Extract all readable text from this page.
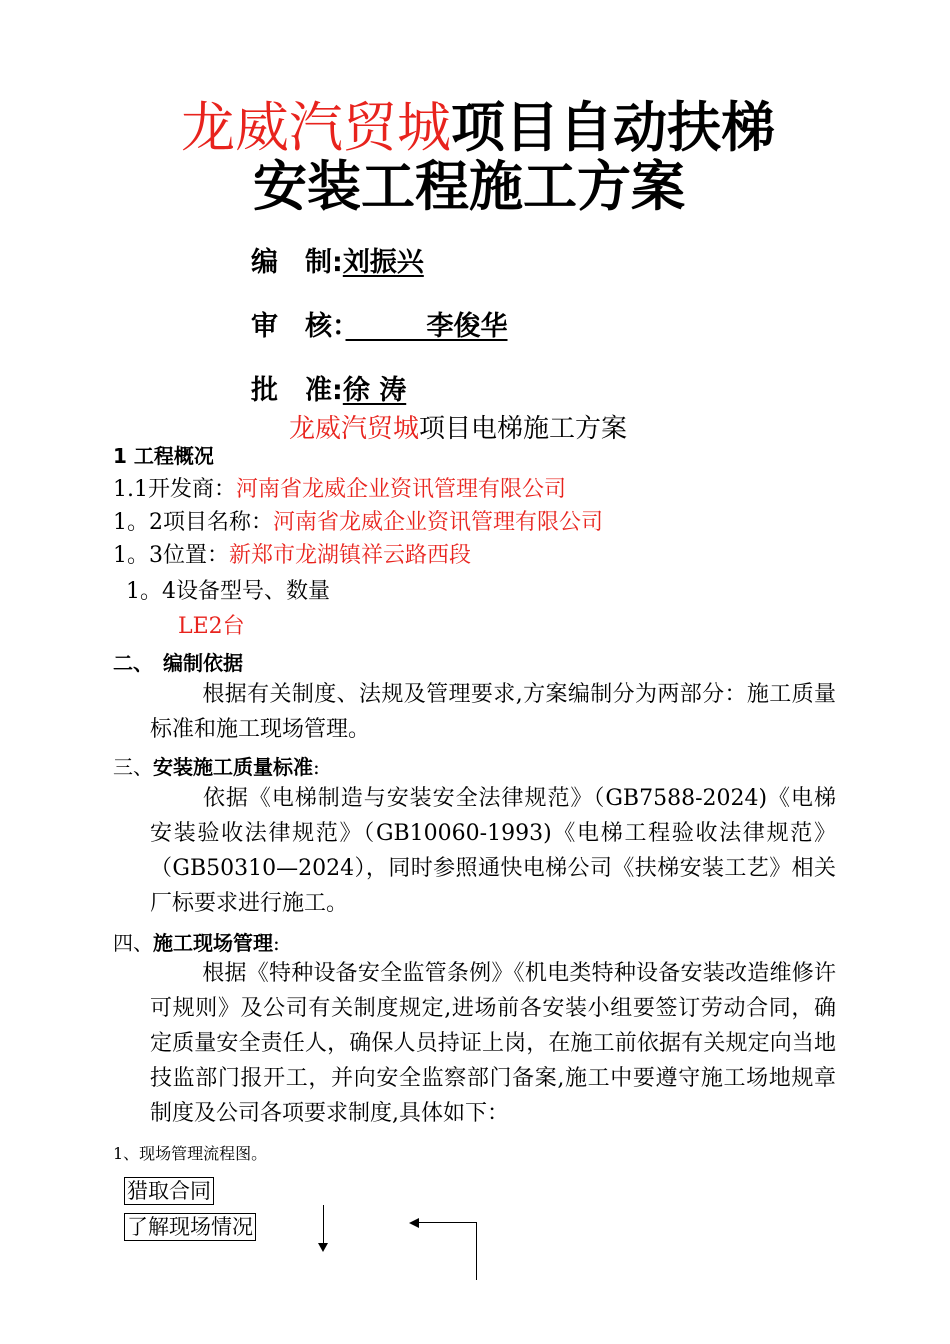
龙威汽贸城项目自动扶梯
安装工程施工方案
编　制:刘振兴
审　核：　　　李俊华
批　准:徐 涛
龙威汽贸城项目电梯施工方案
1 工程概况
1.1开发商：河南省龙威企业资讯管理有限公司
1。2项目名称：河南省龙威企业资讯管理有限公司
1。3位置：新郑市龙湖镇祥云路西段
1。4设备型号、数量
LE2台
二、　编制依据
根据有关制度、法规及管理要求,方案编制分为两部分：施工质量标准和施工现场管理。
三、安装施工质量标准:
依据《电梯制造与安装安全法律规范》（GB7588-2024)《电梯安装验收法律规范》（GB10060-1993)《电梯工程验收法律规范》（GB50310—2024），同时参照通快电梯公司《扶梯安装工艺》相关厂标要求进行施工。
四、施工现场管理:
根据《特种设备安全监管条例》《机电类特种设备安装改造维修许可规则》及公司有关制度规定,进场前各安装小组要签订劳动合同，确定质量安全责任人，确保人员持证上岗，在施工前依据有关规定向当地技监部门报开工，并向安全监察部门备案,施工中要遵守施工场地规章制度及公司各项要求制度,具体如下：
1、现场管理流程图。
猎取合同
了解现场情况
